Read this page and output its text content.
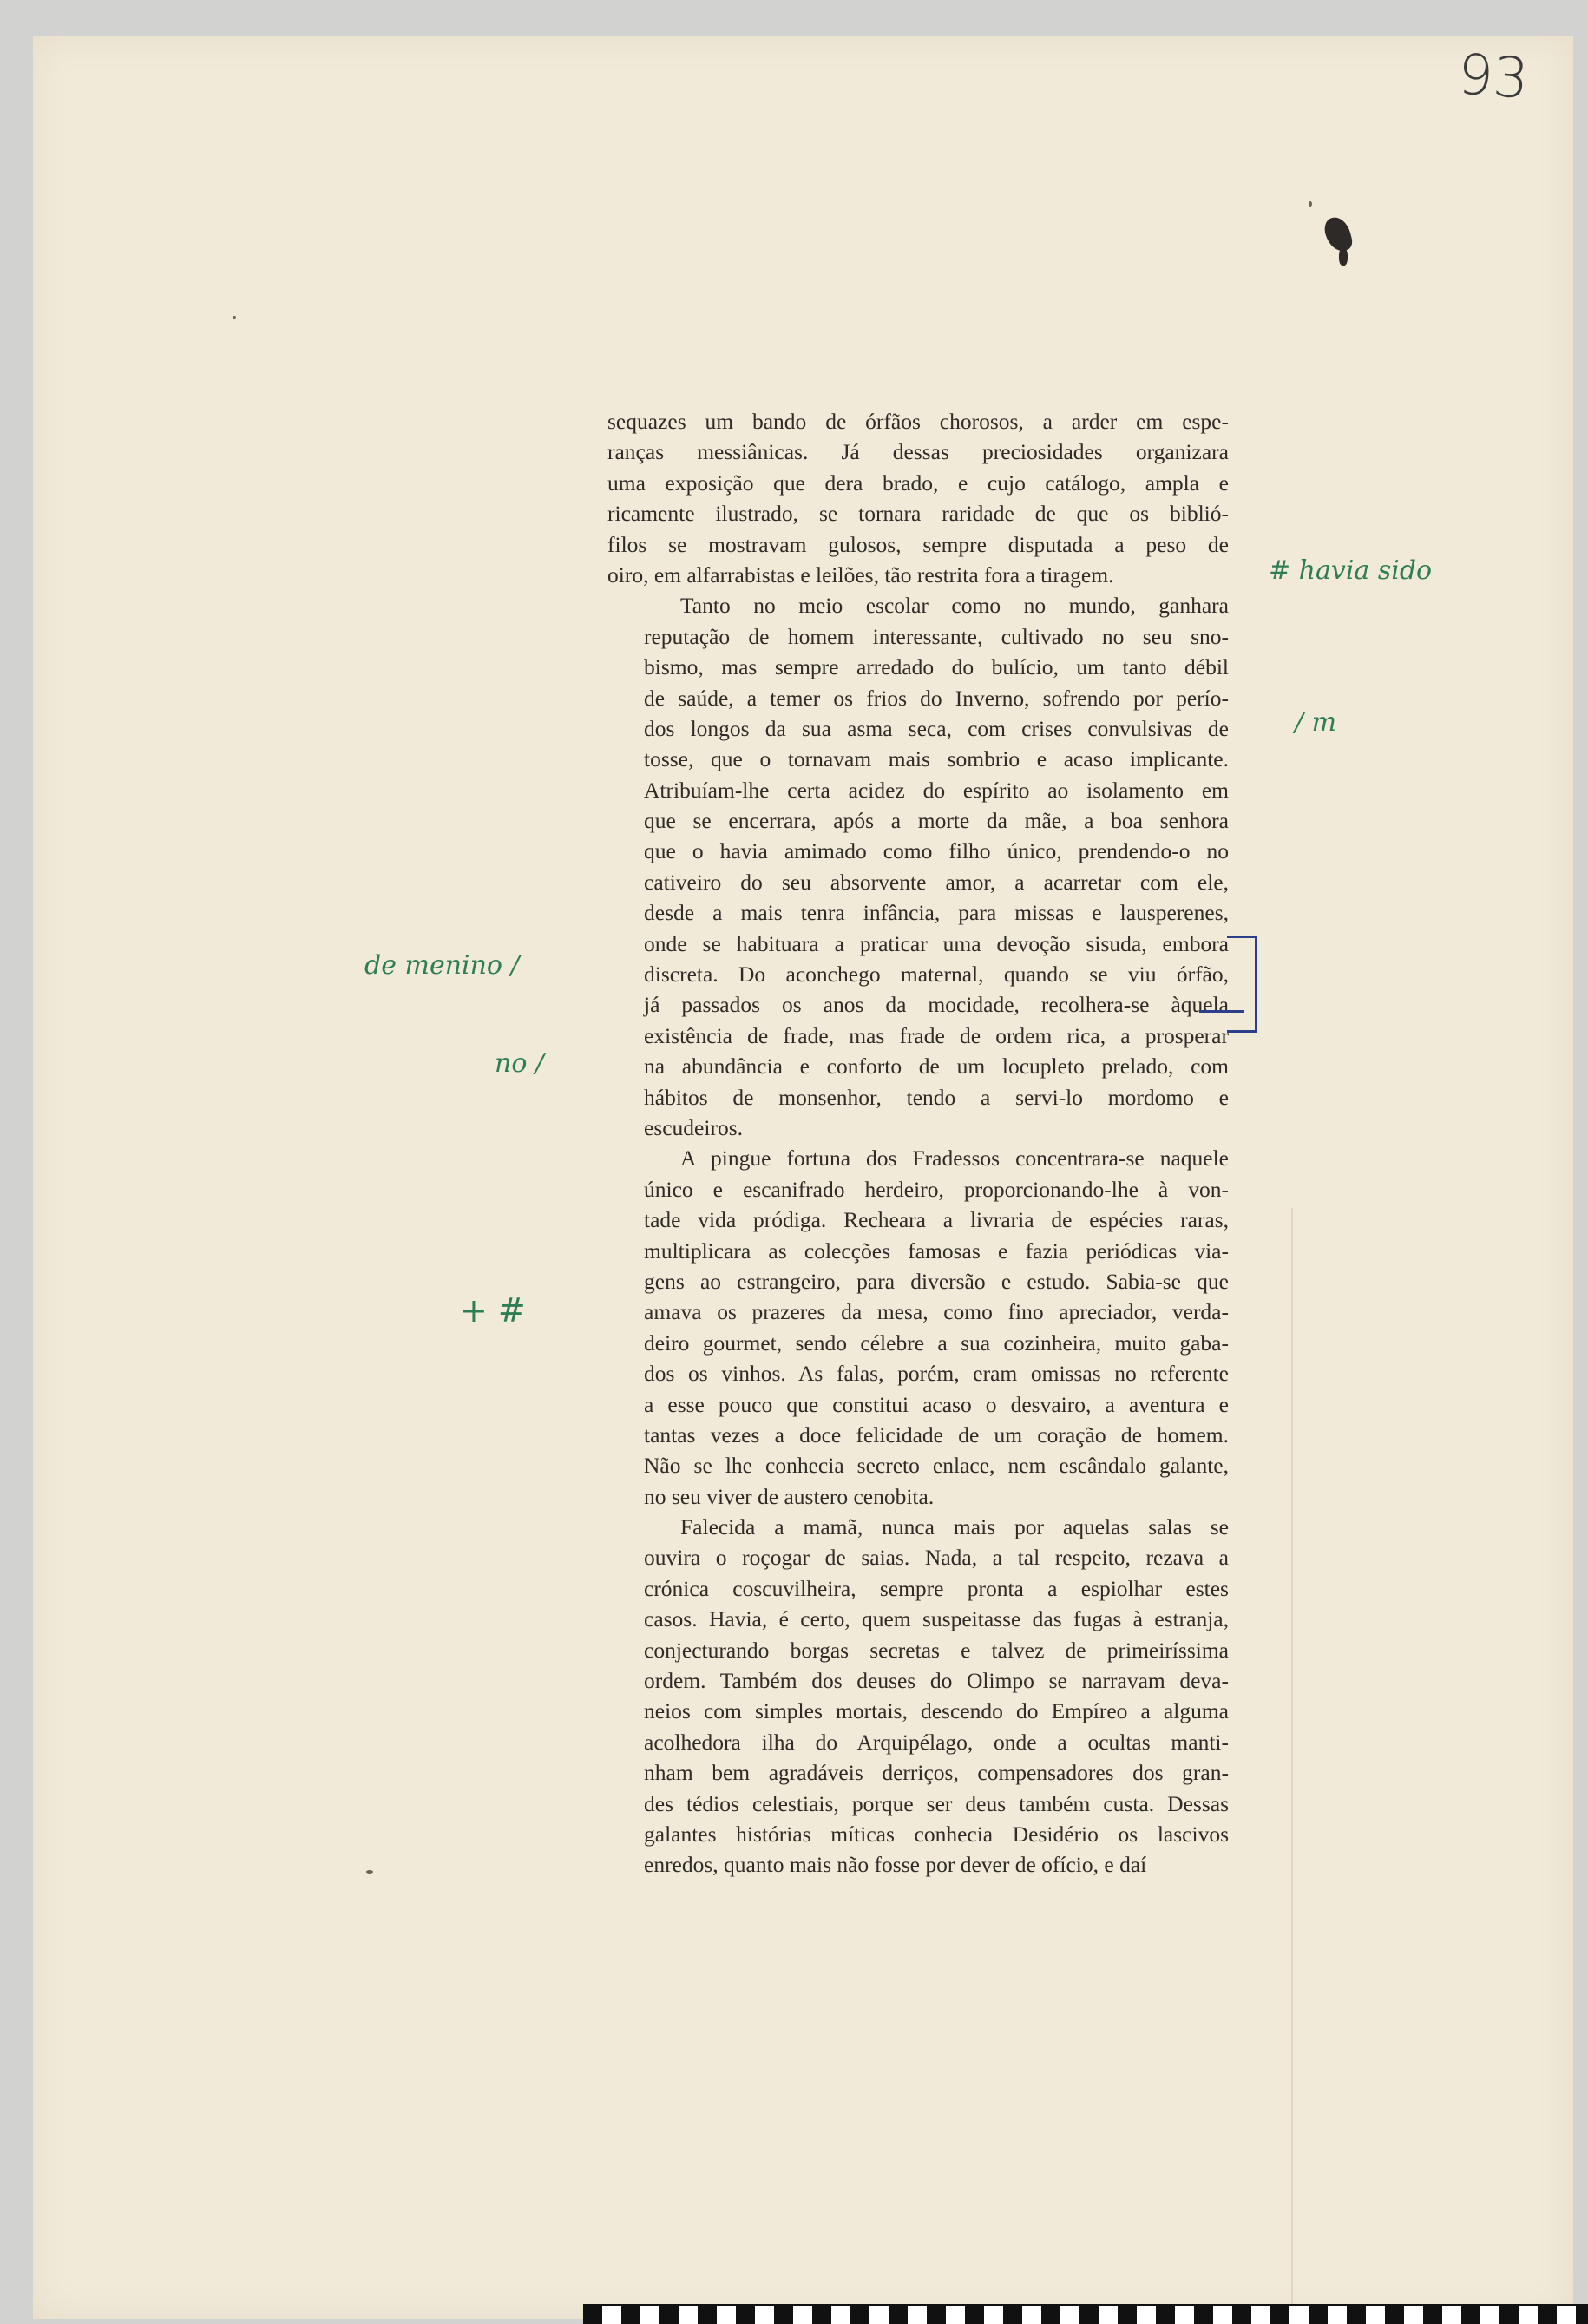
93

sequazes um bando de órfãos chorosos, a arder em espe-
ranças messiânicas. Já dessas preciosidades organizara
uma exposição que dera brado, e cujo catálogo, ampla e
ricamente ilustrado, se tornara raridade de que os biblió-
filos se mostravam gulosos, sempre disputada a peso de
oiro, em alfarrabistas e leilões, tão restrita fora a tiragem.

Tanto no meio escolar como no mundo, ganhara
reputação de homem interessante, cultivado no seu sno-
bismo, mas sempre arredado do bulício, um tanto débil
de saúde, a temer os frios do Inverno, sofrendo por perío-
dos longos da sua asma seca, com crises convulsivas de
tosse, que o tornavam mais sombrio e acaso implicante.
Atribuíam-lhe certa acidez do espírito ao isolamento em
que se encerrara, após a morte da mãe, a boa senhora
que o havia amimado como filho único, prendendo-o no
cativeiro do seu absorvente amor, a acarretar com ele,
desde a mais tenra infância, para missas e lausperenes,
onde se habituara a praticar uma devoção sisuda, embora
discreta. Do aconchego maternal, quando se viu órfão,
já passados os anos da mocidade, recolhera-se àquela
existência de frade, mas frade de ordem rica, a prosperar
na abundância e conforto de um locupleto prelado, com
hábitos de monsenhor, tendo a servi-lo mordomo e
escudeiros.

A pingue fortuna dos Fradessos concentrara-se naquele
único e escanifrado herdeiro, proporcionando-lhe à von-
tade vida pródiga. Recheara a livraria de espécies raras,
multiplicara as colecções famosas e fazia periódicas via-
gens ao estrangeiro, para diversão e estudo. Sabia-se que
amava os prazeres da mesa, como fino apreciador, verda-
deiro gourmet, sendo célebre a sua cozinheira, muito gaba-
dos os vinhos. As falas, porém, eram omissas no referente
a esse pouco que constitui acaso o desvairo, a aventura e
tantas vezes a doce felicidade de um coração de homem.
Não se lhe conhecia secreto enlace, nem escândalo galante,
no seu viver de austero cenobita.

Falecida a mamã, nunca mais por aquelas salas se
ouvira o roçogar de saias. Nada, a tal respeito, rezava a
crónica coscuvilheira, sempre pronta a espiolhar estes
casos. Havia, é certo, quem suspeitasse das fugas à estranja,
conjecturando borgas secretas e talvez de primeiríssima
ordem. Também dos deuses do Olimpo se narravam deva-
neios com simples mortais, descendo do Empíreo a alguma
acolhedora ilha do Arquipélago, onde a ocultas manti-
nham bem agradáveis derriços, compensadores dos gran-
des tédios celestiais, porque ser deus também custa. Dessas
galantes histórias míticas conhecia Desidério os lascivos
enredos, quanto mais não fosse por dever de ofício, e daí

# havia sido
/ m
de menino /
no /
+ #
